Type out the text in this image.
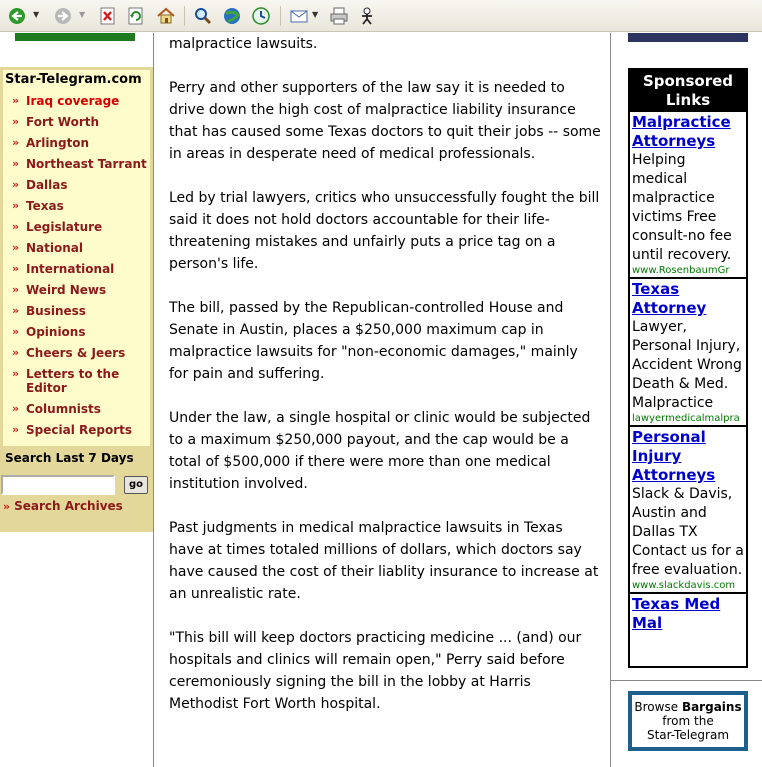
▼	▼	▼
Star-Telegram.com
» Iraq coverage
» Fort Worth
» Arlington
» Northeast Tarrant
» Dallas
» Texas
» Legislature
» National
» International
» Weird News
» Business
» Opinions
» Cheers & Jeers
» Letters to the Editor
» Columnists
» Special Reports
Search Last 7 Days
go
» Search Archives

malpractice lawsuits.

Perry and other supporters of the law say it is needed to drive down the high cost of malpractice liability insurance that has caused some Texas doctors to quit their jobs -- some in areas in desperate need of medical professionals.

Led by trial lawyers, critics who unsuccessfully fought the bill said it does not hold doctors accountable for their life-threatening mistakes and unfairly puts a price tag on a person's life.

The bill, passed by the Republican-controlled House and Senate in Austin, places a $250,000 maximum cap in malpractice lawsuits for "non-economic damages," mainly for pain and suffering.

Under the law, a single hospital or clinic would be subjected to a maximum $250,000 payout, and the cap would be a total of $500,000 if there were more than one medical institution involved.

Past judgments in medical malpractice lawsuits in Texas have at times totaled millions of dollars, which doctors say have caused the cost of their liablity insurance to increase at an unrealistic rate.

"This bill will keep doctors practicing medicine ... (and) our hospitals and clinics will remain open," Perry said before ceremoniously signing the bill in the lobby at Harris Methodist Fort Worth hospital.

Sponsored Links
Malpractice Attorneys
Helping medical malpractice victims Free consult-no fee until recovery.
www.RosenbaumGr
Texas Attorney
Lawyer, Personal Injury, Accident Wrong Death & Med. Malpractice
lawyermedicalmalpra
Personal Injury Attorneys
Slack & Davis, Austin and Dallas TX Contact us for a free evaluation.
www.slackdavis.com
Texas Med Mal
Browse Bargains
from the
Star-Telegram
